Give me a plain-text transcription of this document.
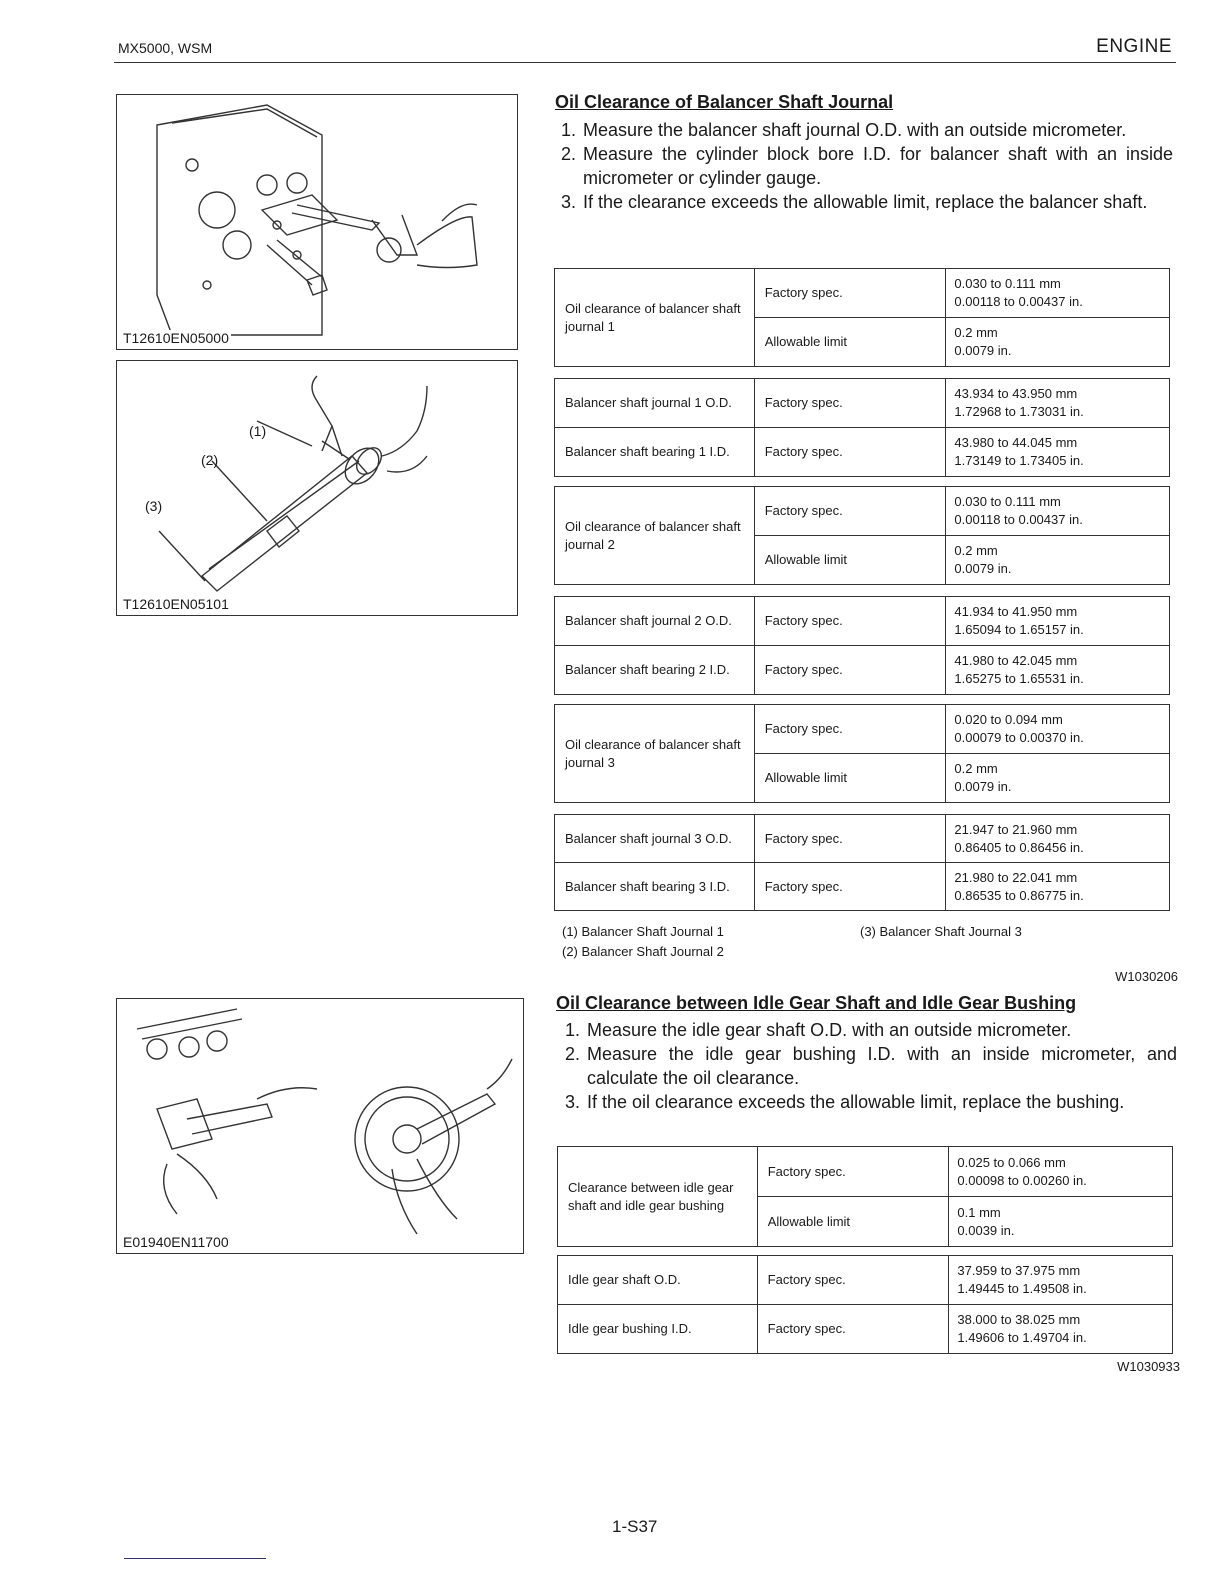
MX5000, WSM	ENGINE
T12610EN05000
(1)
(2)
(3)
T12610EN05101
E01940EN11700
Oil Clearance of Balancer Shaft Journal
1. Measure the balancer shaft journal O.D. with an outside micrometer.
2. Measure the cylinder block bore I.D. for balancer shaft with an inside micrometer or cylinder gauge.
3. If the clearance exceeds the allowable limit, replace the balancer shaft.
Oil clearance of balancer shaft journal 1	Factory spec.	0.030 to 0.111 mm
0.00118 to 0.00437 in.

	Allowable limit	0.2 mm
0.0079 in.
Balancer shaft journal 1 O.D.	Factory spec.	43.934 to 43.950 mm
1.72968 to 1.73031 in.

Balancer shaft bearing 1 I.D.	Factory spec.	43.980 to 44.045 mm
1.73149 to 1.73405 in.
Oil clearance of balancer shaft journal 2	Factory spec.	0.030 to 0.111 mm
0.00118 to 0.00437 in.

	Allowable limit	0.2 mm
0.0079 in.
Balancer shaft journal 2 O.D.	Factory spec.	41.934 to 41.950 mm
1.65094 to 1.65157 in.

Balancer shaft bearing 2 I.D.	Factory spec.	41.980 to 42.045 mm
1.65275 to 1.65531 in.
Oil clearance of balancer shaft journal 3	Factory spec.	0.020 to 0.094 mm
0.00079 to 0.00370 in.

	Allowable limit	0.2 mm
0.0079 in.
Balancer shaft journal 3 O.D.	Factory spec.	21.947 to 21.960 mm
0.86405 to 0.86456 in.

Balancer shaft bearing 3 I.D.	Factory spec.	21.980 to 22.041 mm
0.86535 to 0.86775 in.
(1) Balancer Shaft Journal 1
(2) Balancer Shaft Journal 2
(3) Balancer Shaft Journal 3
W1030206
Oil Clearance between Idle Gear Shaft and Idle Gear Bushing
1. Measure the idle gear shaft O.D. with an outside micrometer.
2. Measure the idle gear bushing I.D. with an inside micrometer, and calculate the oil clearance.
3. If the oil clearance exceeds the allowable limit, replace the bushing.
Clearance between idle gear shaft and idle gear bushing	Factory spec.	0.025 to 0.066 mm
0.00098 to 0.00260 in.

	Allowable limit	0.1 mm
0.0039 in.
Idle gear shaft O.D.	Factory spec.	37.959 to 37.975 mm
1.49445 to 1.49508 in.

Idle gear bushing I.D.	Factory spec.	38.000 to 38.025 mm
1.49606 to 1.49704 in.
W1030933
1-S37
